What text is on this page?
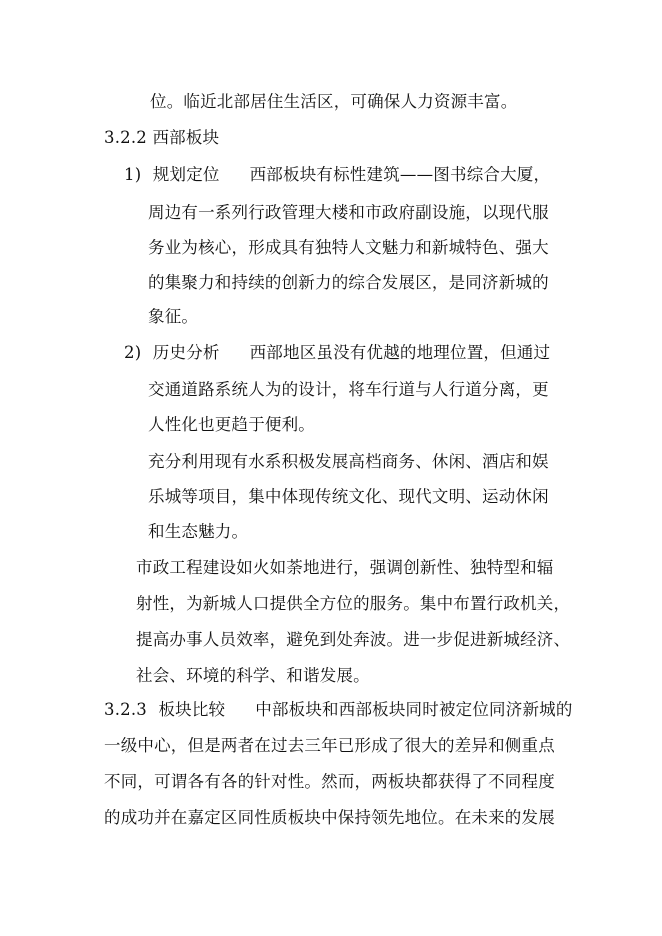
位。临近北部居住生活区，可确保人力资源丰富。
3.2.2 西部板块
1) 规划定位 西部板块有标性建筑——图书综合大厦，
周边有一系列行政管理大楼和市政府副设施，以现代服
务业为核心，形成具有独特人文魅力和新城特色、强大
的集聚力和持续的创新力的综合发展区，是同济新城的
象征。
2) 历史分析 西部地区虽没有优越的地理位置，但通过
交通道路系统人为的设计，将车行道与人行道分离，更
人性化也更趋于便利。
充分利用现有水系积极发展高档商务、休闲、酒店和娱
乐城等项目，集中体现传统文化、现代文明、运动休闲
和生态魅力。
市政工程建设如火如荼地进行，强调创新性、独特型和辐
射性，为新城人口提供全方位的服务。集中布置行政机关，
提高办事人员效率，避免到处奔波。进一步促进新城经济、
社会、环境的科学、和谐发展。
3.2.3 板块比较 中部板块和西部板块同时被定位同济新城的
一级中心，但是两者在过去三年已形成了很大的差异和侧重点
不同，可谓各有各的针对性。然而，两板块都获得了不同程度
的成功并在嘉定区同性质板块中保持领先地位。在未来的发展
